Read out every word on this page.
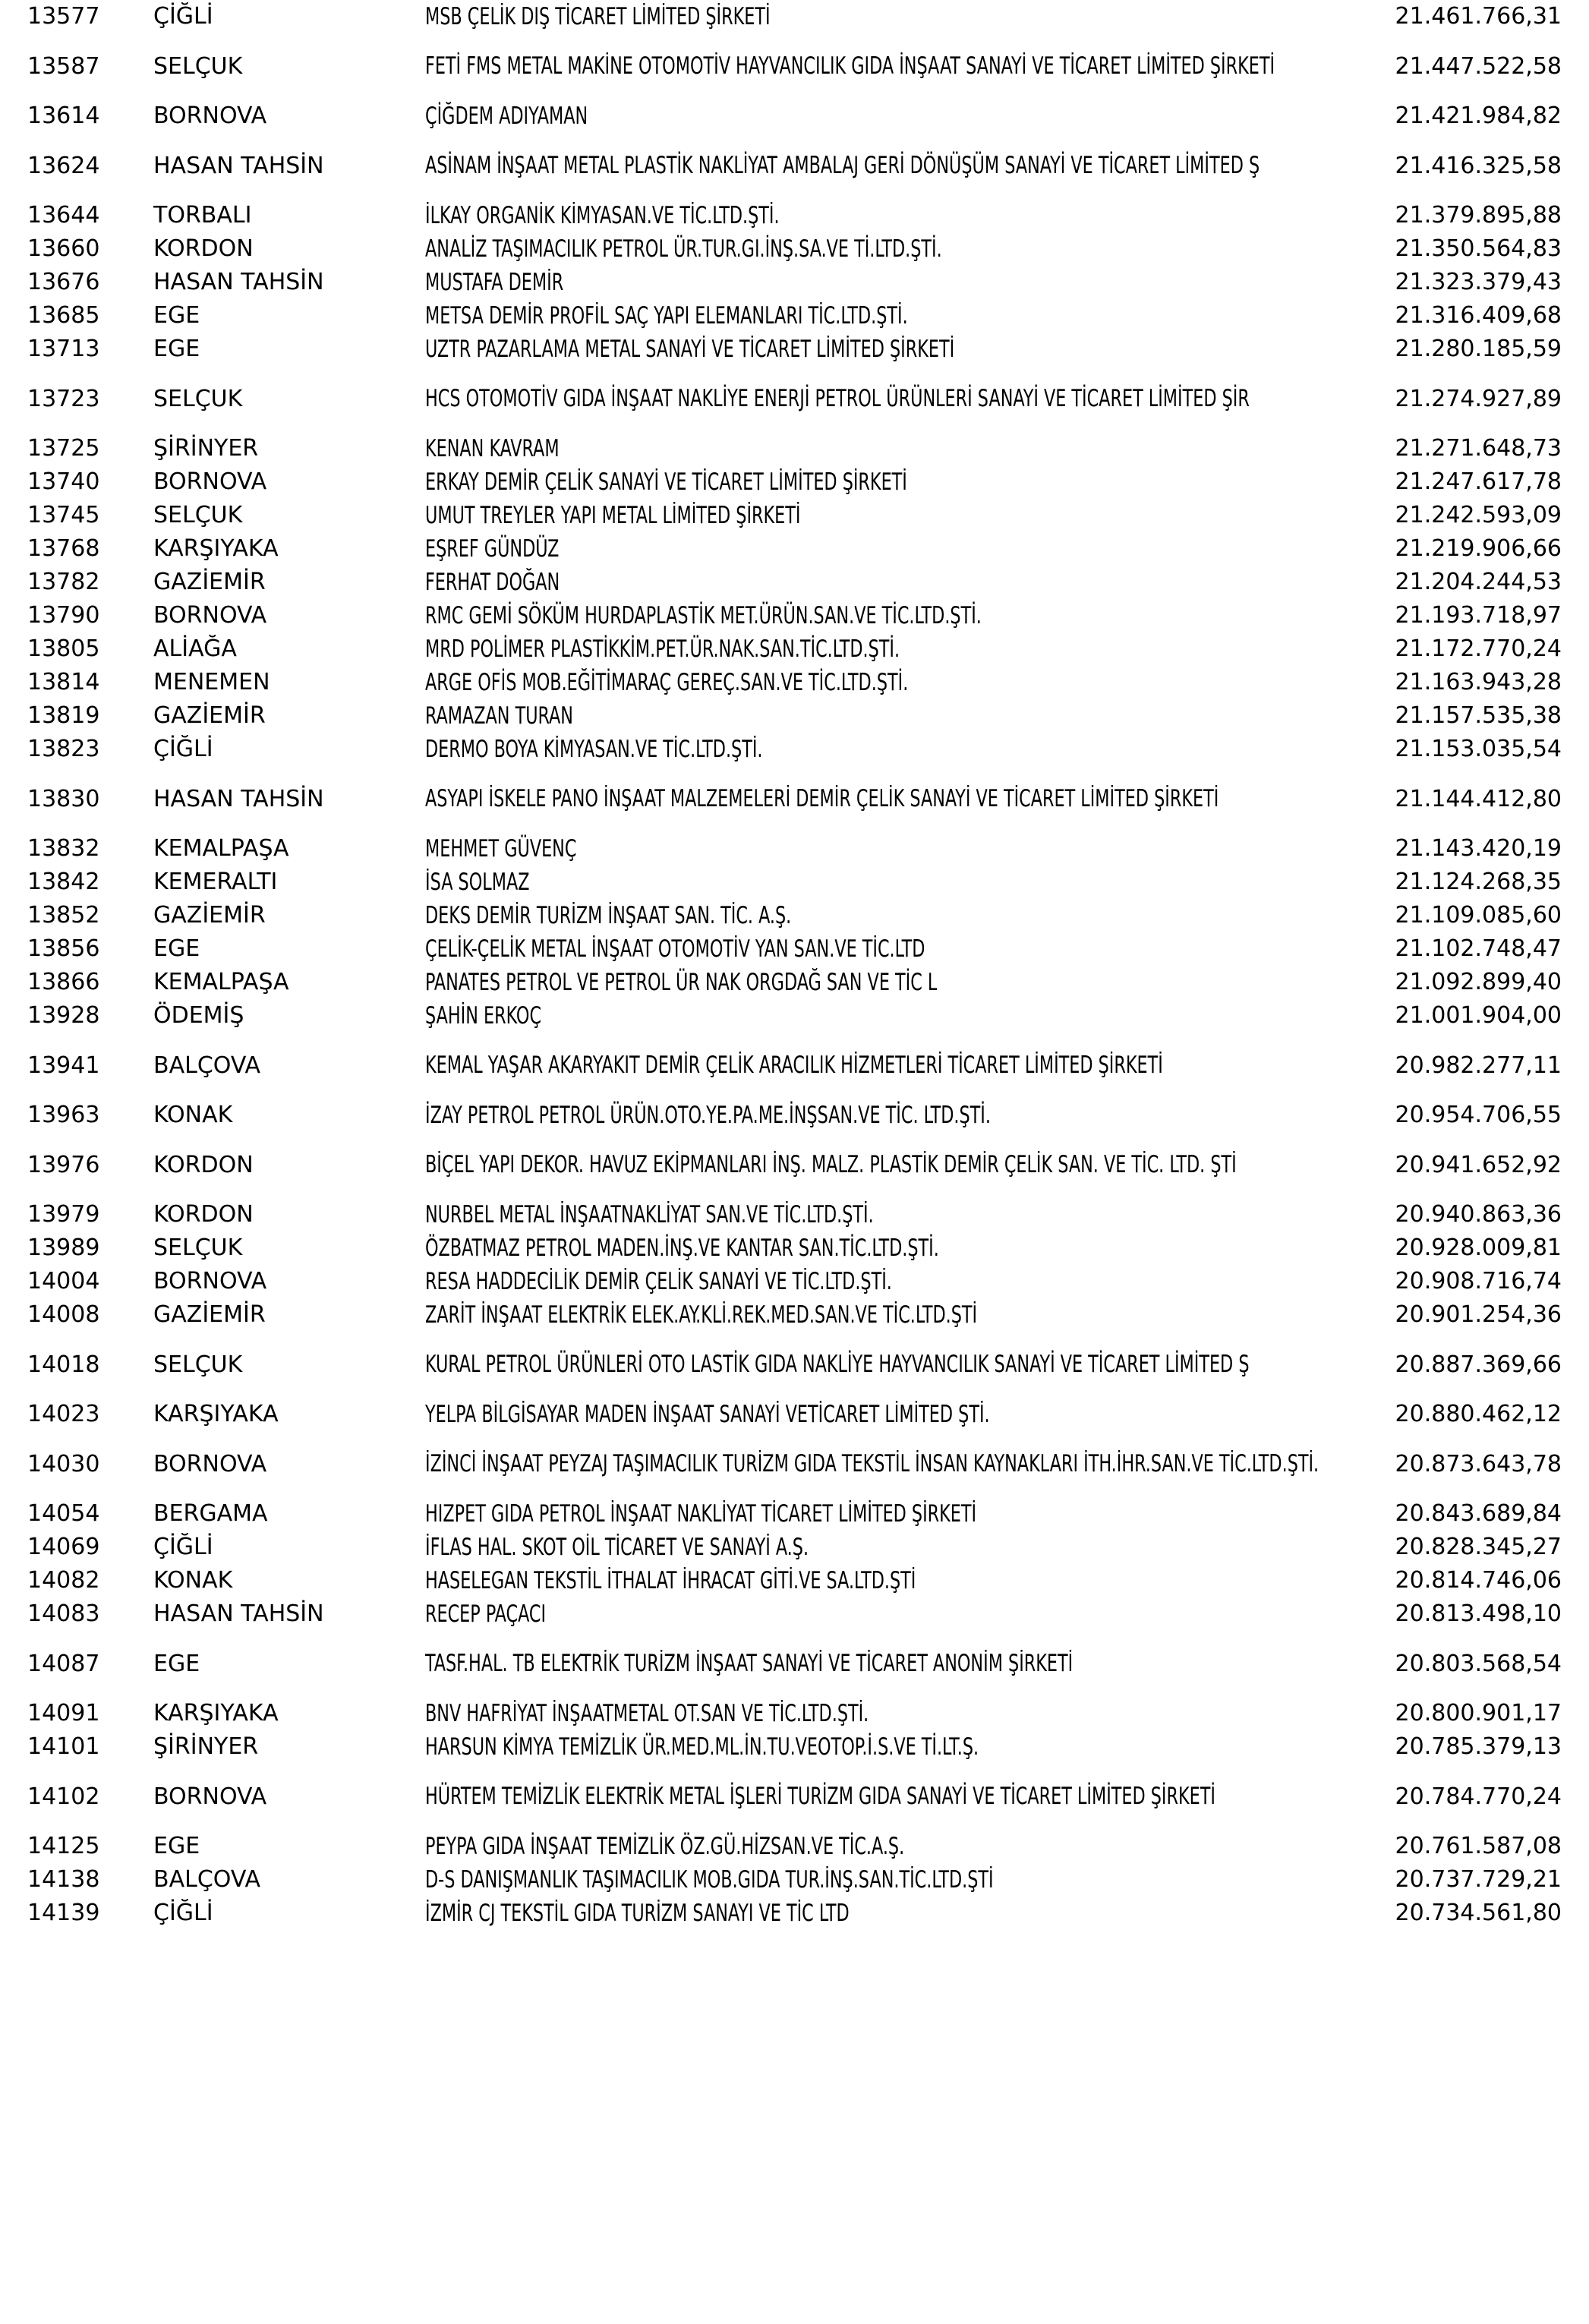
13577	ÇİĞLİ	MSB ÇELİK DIŞ TİCARET LİMİTED ŞİRKETİ	21.461.766,31
13587	SELÇUK	FETİ FMS METAL MAKİNE OTOMOTİV HAYVANCILIK GIDA İNŞAAT SANAYİ VE TİCARET LİMİTED ŞİRKETİ	21.447.522,58
13614	BORNOVA	ÇİĞDEM ADIYAMAN	21.421.984,82
13624	HASAN TAHSİN	ASİNAM İNŞAAT METAL PLASTİK NAKLİYAT AMBALAJ GERİ DÖNÜŞÜM SANAYİ VE TİCARET LİMİTED Ş	21.416.325,58
13644	TORBALI	İLKAY ORGANİK KİMYASAN.VE TİC.LTD.ŞTİ.	21.379.895,88
13660	KORDON	ANALİZ TAŞIMACILIK PETROL ÜR.TUR.GI.İNŞ.SA.VE Tİ.LTD.ŞTİ.	21.350.564,83
13676	HASAN TAHSİN	MUSTAFA DEMİR	21.323.379,43
13685	EGE	METSA DEMİR PROFİL SAÇ YAPI ELEMANLARI TİC.LTD.ŞTİ.	21.316.409,68
13713	EGE	UZTR PAZARLAMA METAL SANAYİ VE TİCARET LİMİTED ŞİRKETİ	21.280.185,59
13723	SELÇUK	HCS OTOMOTİV GIDA İNŞAAT NAKLİYE ENERJİ PETROL ÜRÜNLERİ SANAYİ VE TİCARET LİMİTED ŞİR	21.274.927,89
13725	ŞİRİNYER	KENAN KAVRAM	21.271.648,73
13740	BORNOVA	ERKAY DEMİR ÇELİK SANAYİ VE TİCARET LİMİTED ŞİRKETİ	21.247.617,78
13745	SELÇUK	UMUT TREYLER YAPI METAL LİMİTED ŞİRKETİ	21.242.593,09
13768	KARŞIYAKA	EŞREF GÜNDÜZ	21.219.906,66
13782	GAZİEMİR	FERHAT DOĞAN	21.204.244,53
13790	BORNOVA	RMC GEMİ SÖKÜM HURDAPLASTİK MET.ÜRÜN.SAN.VE TİC.LTD.ŞTİ.	21.193.718,97
13805	ALİAĞA	MRD POLİMER PLASTİKKİM.PET.ÜR.NAK.SAN.TİC.LTD.ŞTİ.	21.172.770,24
13814	MENEMEN	ARGE OFİS MOB.EĞİTİMARAÇ GEREÇ.SAN.VE TİC.LTD.ŞTİ.	21.163.943,28
13819	GAZİEMİR	RAMAZAN TURAN	21.157.535,38
13823	ÇİĞLİ	DERMO BOYA KİMYASAN.VE TİC.LTD.ŞTİ.	21.153.035,54
13830	HASAN TAHSİN	ASYAPI İSKELE PANO İNŞAAT MALZEMELERİ DEMİR ÇELİK SANAYİ VE TİCARET LİMİTED ŞİRKETİ	21.144.412,80
13832	KEMALPAŞA	MEHMET GÜVENÇ	21.143.420,19
13842	KEMERALTI	İSA SOLMAZ	21.124.268,35
13852	GAZİEMİR	DEKS DEMİR TURİZM İNŞAAT SAN. TİC. A.Ş.	21.109.085,60
13856	EGE	ÇELİK-ÇELİK METAL İNŞAAT OTOMOTİV YAN SAN.VE TİC.LTD	21.102.748,47
13866	KEMALPAŞA	PANATES PETROL VE PETROL ÜR NAK ORGDAĞ SAN VE TİC L	21.092.899,40
13928	ÖDEMİŞ	ŞAHİN ERKOÇ	21.001.904,00
13941	BALÇOVA	KEMAL YAŞAR AKARYAKIT DEMİR ÇELİK ARACILIK HİZMETLERİ TİCARET LİMİTED ŞİRKETİ	20.982.277,11
13963	KONAK	İZAY PETROL PETROL ÜRÜN.OTO.YE.PA.ME.İNŞSAN.VE TİC. LTD.ŞTİ.	20.954.706,55
13976	KORDON	BİÇEL YAPI DEKOR. HAVUZ EKİPMANLARI İNŞ. MALZ. PLASTİK DEMİR ÇELİK SAN. VE TİC. LTD. ŞTİ	20.941.652,92
13979	KORDON	NURBEL METAL İNŞAATNAKLİYAT SAN.VE TİC.LTD.ŞTİ.	20.940.863,36
13989	SELÇUK	ÖZBATMAZ PETROL MADEN.İNŞ.VE KANTAR SAN.TİC.LTD.ŞTİ.	20.928.009,81
14004	BORNOVA	RESA HADDECİLİK DEMİR ÇELİK SANAYİ VE TİC.LTD.ŞTİ.	20.908.716,74
14008	GAZİEMİR	ZARİT İNŞAAT ELEKTRİK ELEK.AY.KLİ.REK.MED.SAN.VE TİC.LTD.ŞTİ	20.901.254,36
14018	SELÇUK	KURAL PETROL ÜRÜNLERİ OTO LASTİK GIDA NAKLİYE HAYVANCILIK SANAYİ VE TİCARET LİMİTED Ş	20.887.369,66
14023	KARŞIYAKA	YELPA BİLGİSAYAR MADEN İNŞAAT SANAYİ VETİCARET LİMİTED ŞTİ.	20.880.462,12
14030	BORNOVA	İZİNCİ İNŞAAT PEYZAJ TAŞIMACILIK TURİZM GIDA TEKSTİL İNSAN KAYNAKLARI İTH.İHR.SAN.VE TİC.LTD.ŞTİ.	20.873.643,78
14054	BERGAMA	HIZPET GIDA PETROL İNŞAAT NAKLİYAT TİCARET LİMİTED ŞİRKETİ	20.843.689,84
14069	ÇİĞLİ	İFLAS HAL. SKOT OİL TİCARET VE SANAYİ A.Ş.	20.828.345,27
14082	KONAK	HASELEGAN TEKSTİL İTHALAT İHRACAT GİTİ.VE SA.LTD.ŞTİ	20.814.746,06
14083	HASAN TAHSİN	RECEP PAÇACI	20.813.498,10
14087	EGE	TASF.HAL. TB ELEKTRİK TURİZM İNŞAAT SANAYİ VE TİCARET ANONİM ŞİRKETİ	20.803.568,54
14091	KARŞIYAKA	BNV HAFRİYAT İNŞAATMETAL OT.SAN VE TİC.LTD.ŞTİ.	20.800.901,17
14101	ŞİRİNYER	HARSUN KİMYA TEMİZLİK ÜR.MED.ML.İN.TU.VEOTOP.İ.S.VE Tİ.LT.Ş.	20.785.379,13
14102	BORNOVA	HÜRTEM TEMİZLİK ELEKTRİK METAL İŞLERİ TURİZM GIDA SANAYİ VE TİCARET LİMİTED ŞİRKETİ	20.784.770,24
14125	EGE	PEYPA GIDA İNŞAAT TEMİZLİK ÖZ.GÜ.HİZSAN.VE TİC.A.Ş.	20.761.587,08
14138	BALÇOVA	D-S DANIŞMANLIK TAŞIMACILIK MOB.GIDA TUR.İNŞ.SAN.TİC.LTD.ŞTİ	20.737.729,21
14139	ÇİĞLİ	İZMİR CJ TEKSTİL GIDA TURİZM SANAYI VE TİC LTD	20.734.561,80
